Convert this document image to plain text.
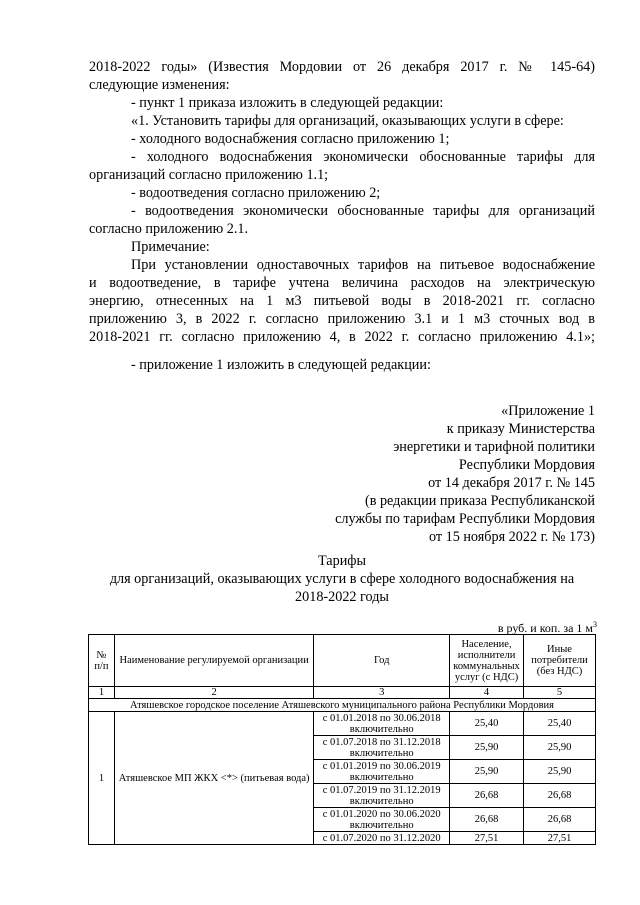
2018-2022 годы» (Известия Мордовии от 26 декабря 2017 г. № 145-64)
следующие изменения:
- пункт 1 приказа изложить в следующей редакции:
«1. Установить тарифы для организаций, оказывающих услуги в сфере:
- холодного водоснабжения согласно приложению 1;
- холодного водоснабжения экономически обоснованные тарифы для
организаций согласно приложению 1.1;
- водоотведения согласно приложению 2;
- водоотведения экономически обоснованные тарифы для организаций
согласно приложению 2.1.
Примечание:
При установлении одноставочных тарифов на питьевое водоснабжение
и водоотведение, в тарифе учтена величина расходов на электрическую
энергию, отнесенных на 1 м3 питьевой воды в 2018-2021 гг. согласно
приложению 3, в 2022 г. согласно приложению 3.1 и 1 м3 сточных вод в
2018-2021 гг. согласно приложению 4, в 2022 г. согласно приложению 4.1»;
- приложение 1 изложить в следующей редакции:
«Приложение 1
к приказу Министерства
энергетики и тарифной политики
Республики Мордовия
от 14 декабря 2017 г. № 145
(в редакции приказа Республиканской
службы по тарифам Республики Мордовия
от 15 ноября 2022 г. № 173)
Тарифы
для организаций, оказывающих услуги в сфере холодного водоснабжения на
2018-2022 годы
в руб. и коп. за 1 $м^3$
№ п/п	Наименование регулируемой организации	Год	Население, исполнители коммунальных услуг (с НДС)	Иные потребители (без НДС)
1	2	3	4	5
Атяшевское городское поселение Атяшевского муниципального района Республики Мордовия				
1	Атяшевское МП ЖКХ <*> (питьевая вода)	с 01.01.2018 по 30.06.2018 включительно	25,40	25,40
		с 01.07.2018 по 31.12.2018 включительно	25,90	25,90
		с 01.01.2019 по 30.06.2019 включительно	25,90	25,90
		с 01.07.2019 по 31.12.2019 включительно	26,68	26,68
		с 01.01.2020 по 30.06.2020 включительно	26,68	26,68
		с 01.07.2020 по 31.12.2020	27,51	27,51
